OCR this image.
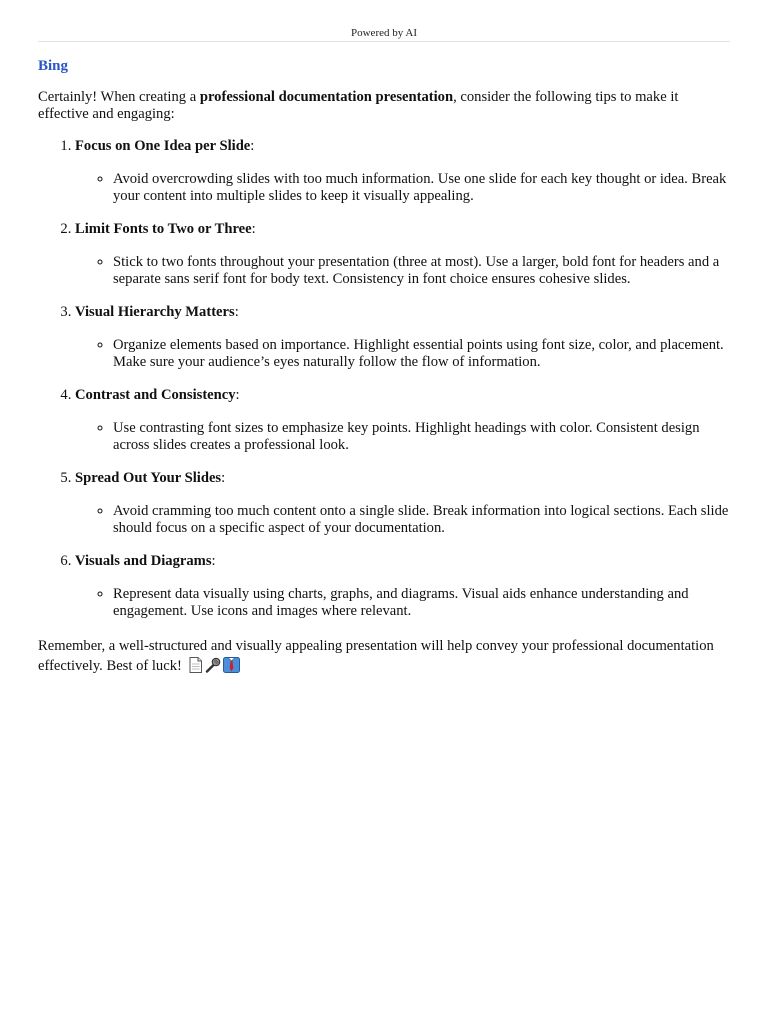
Powered by AI
Bing

Certainly! When creating a professional documentation presentation, consider the following tips to make it effective and engaging:

1. Focus on One Idea per Slide:
◦ Avoid overcrowding slides with too much information. Use one slide for each key thought or idea. Break your content into multiple slides to keep it visually appealing.
2. Limit Fonts to Two or Three:
◦ Stick to two fonts throughout your presentation (three at most). Use a larger, bold font for headers and a separate sans serif font for body text. Consistency in font choice ensures cohesive slides.
3. Visual Hierarchy Matters:
◦ Organize elements based on importance. Highlight essential points using font size, color, and placement. Make sure your audience’s eyes naturally follow the flow of information.
4. Contrast and Consistency:
◦ Use contrasting font sizes to emphasize key points. Highlight headings with color. Consistent design across slides creates a professional look.
5. Spread Out Your Slides:
◦ Avoid cramming too much content onto a single slide. Break information into logical sections. Each slide should focus on a specific aspect of your documentation.
6. Visuals and Diagrams:
◦ Represent data visually using charts, graphs, and diagrams. Visual aids enhance understanding and engagement. Use icons and images where relevant.

Remember, a well-structured and visually appealing presentation will help convey your professional documentation effectively. Best of luck!
